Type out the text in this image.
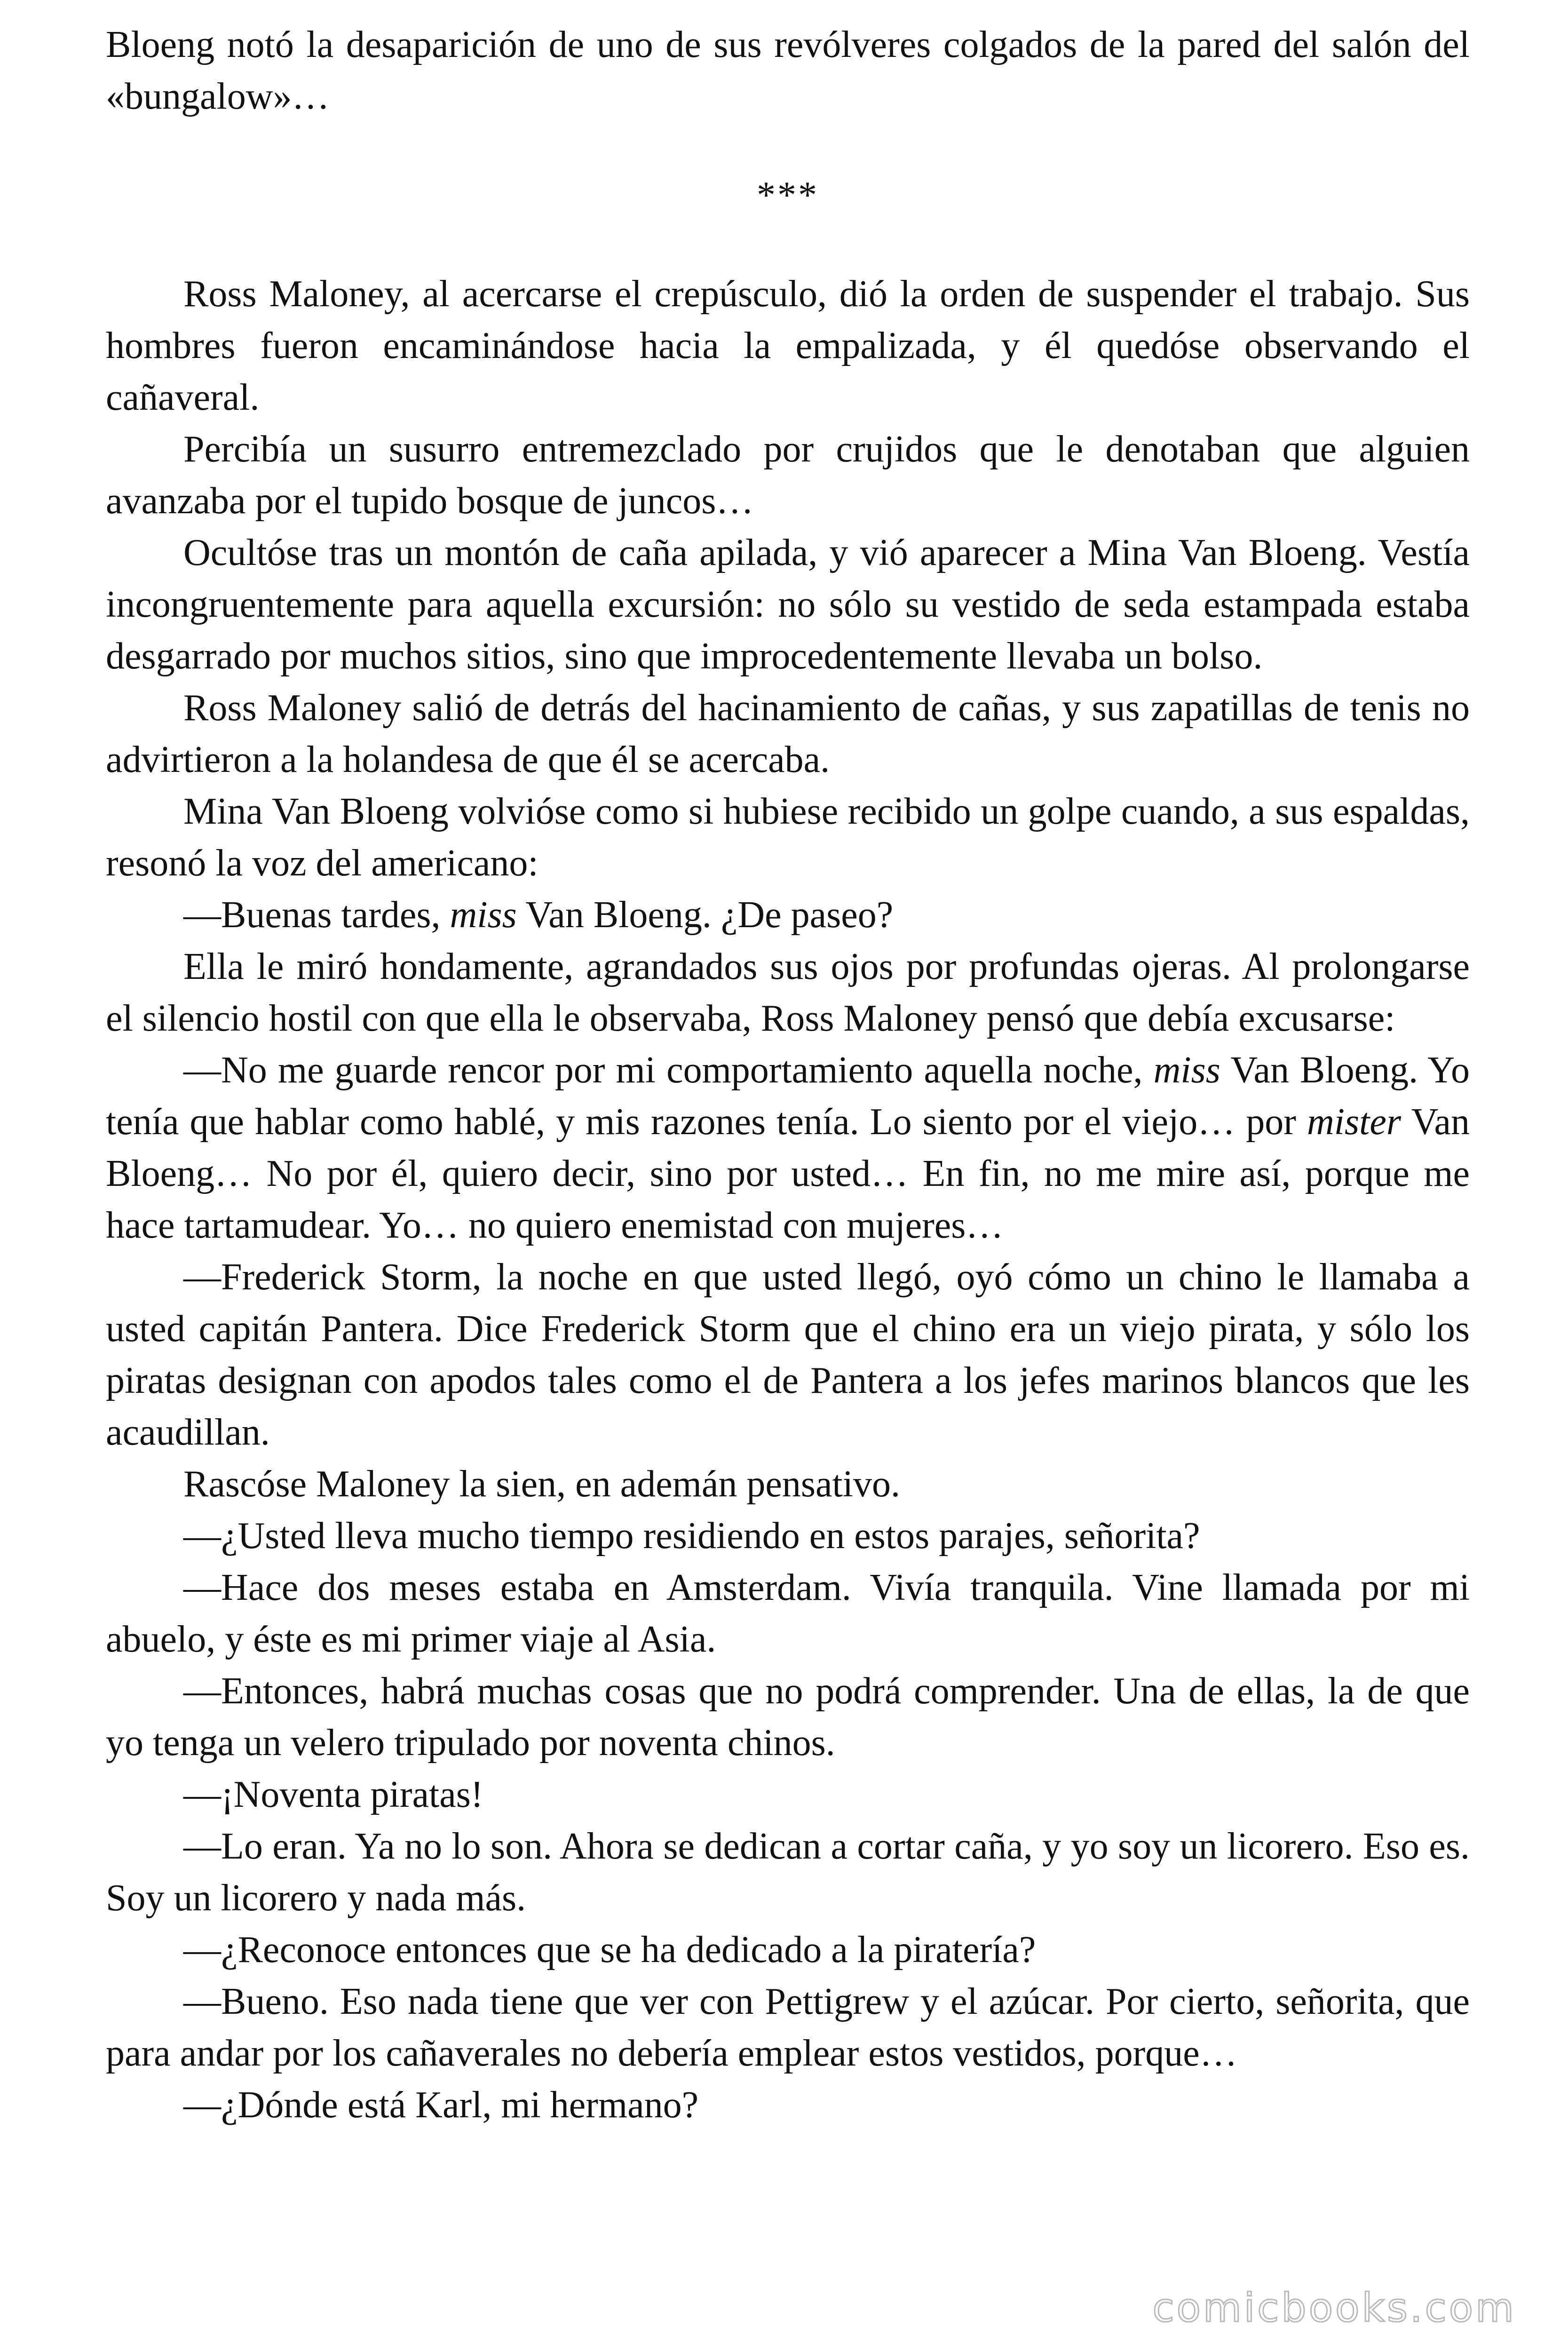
Bloeng notó la desaparición de uno de sus revólveres colgados de la pared del salón del «bungalow»…

***

Ross Maloney, al acercarse el crepúsculo, dió la orden de suspender el trabajo. Sus hombres fueron encaminándose hacia la empalizada, y él quedóse observando el cañaveral.

Percibía un susurro entremezclado por crujidos que le denotaban que alguien avanzaba por el tupido bosque de juncos…

Ocultóse tras un montón de caña apilada, y vió aparecer a Mina Van Bloeng. Vestía incongruentemente para aquella excursión: no sólo su vestido de seda estampada estaba desgarrado por muchos sitios, sino que improcedentemente llevaba un bolso.

Ross Maloney salió de detrás del hacinamiento de cañas, y sus zapatillas de tenis no advirtieron a la holandesa de que él se acercaba.

Mina Van Bloeng volvióse como si hubiese recibido un golpe cuando, a sus espaldas, resonó la voz del americano:

—Buenas tardes, miss Van Bloeng. ¿De paseo?

Ella le miró hondamente, agrandados sus ojos por profundas ojeras. Al prolongarse el silencio hostil con que ella le observaba, Ross Maloney pensó que debía excusarse:

—No me guarde rencor por mi comportamiento aquella noche, miss Van Bloeng. Yo tenía que hablar como hablé, y mis razones tenía. Lo siento por el viejo… por mister Van Bloeng… No por él, quiero decir, sino por usted… En fin, no me mire así, porque me hace tartamudear. Yo… no quiero enemistad con mujeres…

—Frederick Storm, la noche en que usted llegó, oyó cómo un chino le llamaba a usted capitán Pantera. Dice Frederick Storm que el chino era un viejo pirata, y sólo los piratas designan con apodos tales como el de Pantera a los jefes marinos blancos que les acaudillan.

Rascóse Maloney la sien, en ademán pensativo.

—¿Usted lleva mucho tiempo residiendo en estos parajes, señorita?

—Hace dos meses estaba en Amsterdam. Vivía tranquila. Vine llamada por mi abuelo, y éste es mi primer viaje al Asia.

—Entonces, habrá muchas cosas que no podrá comprender. Una de ellas, la de que yo tenga un velero tripulado por noventa chinos.

—¡Noventa piratas!

—Lo eran. Ya no lo son. Ahora se dedican a cortar caña, y yo soy un licorero. Eso es. Soy un licorero y nada más.

—¿Reconoce entonces que se ha dedicado a la piratería?

—Bueno. Eso nada tiene que ver con Pettigrew y el azúcar. Por cierto, señorita, que para andar por los cañaverales no debería emplear estos vestidos, porque…

—¿Dónde está Karl, mi hermano?

comicbooks.com
